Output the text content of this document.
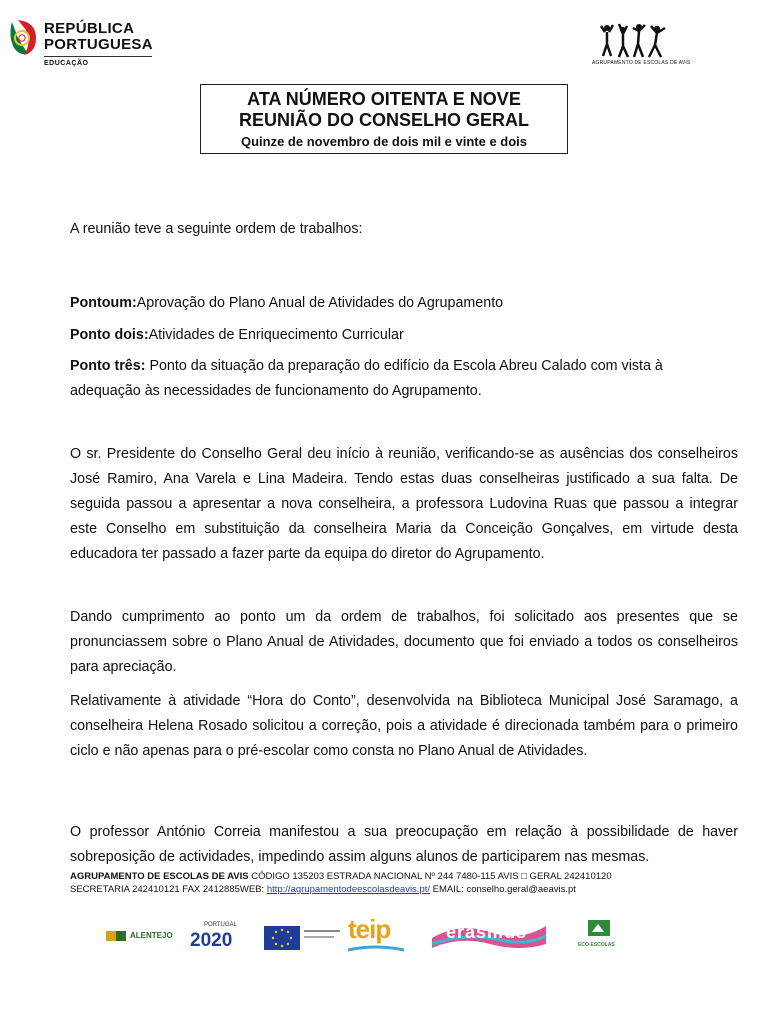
REPÚBLICA
PORTUGUESA
EDUCAÇÃO	AGRUPAMENTO DE ESCOLAS DE AVIS
ATA NÚMERO OITENTA E NOVE
REUNIÃO DO CONSELHO GERAL
Quinze de novembro de dois mil e vinte e dois
A reunião teve a seguinte ordem de trabalhos:
Pontoum:Aprovação do Plano Anual de Atividades do Agrupamento
Ponto dois:Atividades de Enriquecimento Curricular
Ponto três: Ponto da situação da preparação do edifício da Escola Abreu Calado com vista à adequação às necessidades de funcionamento do Agrupamento.
O sr. Presidente do Conselho Geral deu início à reunião, verificando-se as ausências dos conselheiros José Ramiro, Ana Varela e Lina Madeira. Tendo estas duas conselheiras justificado a sua falta. De seguida passou a apresentar a nova conselheira, a professora Ludovina Ruas que passou a integrar este Conselho em substituição da conselheira Maria da Conceição Gonçalves, em virtude desta educadora ter passado a fazer parte da equipa do diretor do Agrupamento.
Dando cumprimento ao ponto um da ordem de trabalhos, foi solicitado aos presentes que se pronunciassem sobre o Plano Anual de Atividades, documento que foi enviado a todos os conselheiros para apreciação.
Relativamente à atividade “Hora do Conto”, desenvolvida na Biblioteca Municipal José Saramago, a conselheira Helena Rosado solicitou a correção, pois a atividade é direcionada também para o primeiro ciclo e não apenas para o pré-escolar como consta no Plano Anual de Atividades.
O professor António Correia manifestou a sua preocupação em relação à possibilidade de haver sobreposição de actividades, impedindo assim alguns alunos de participarem nas mesmas.
AGRUPAMENTO DE ESCOLAS DE AVIS CÓDIGO 135203 ESTRADA NACIONAL Nº 244 7480-115 AVIS □ GERAL 242410120
SECRETARIA 242410121 FAX 2412885WEB: http://agrupamentodeescolasdeavis.pt/ EMAIL: conselho.geral@aeavis.pt
ALENTEJO
PORTUGAL
2020	teip	erasmus
ECO-ESCOLAS
